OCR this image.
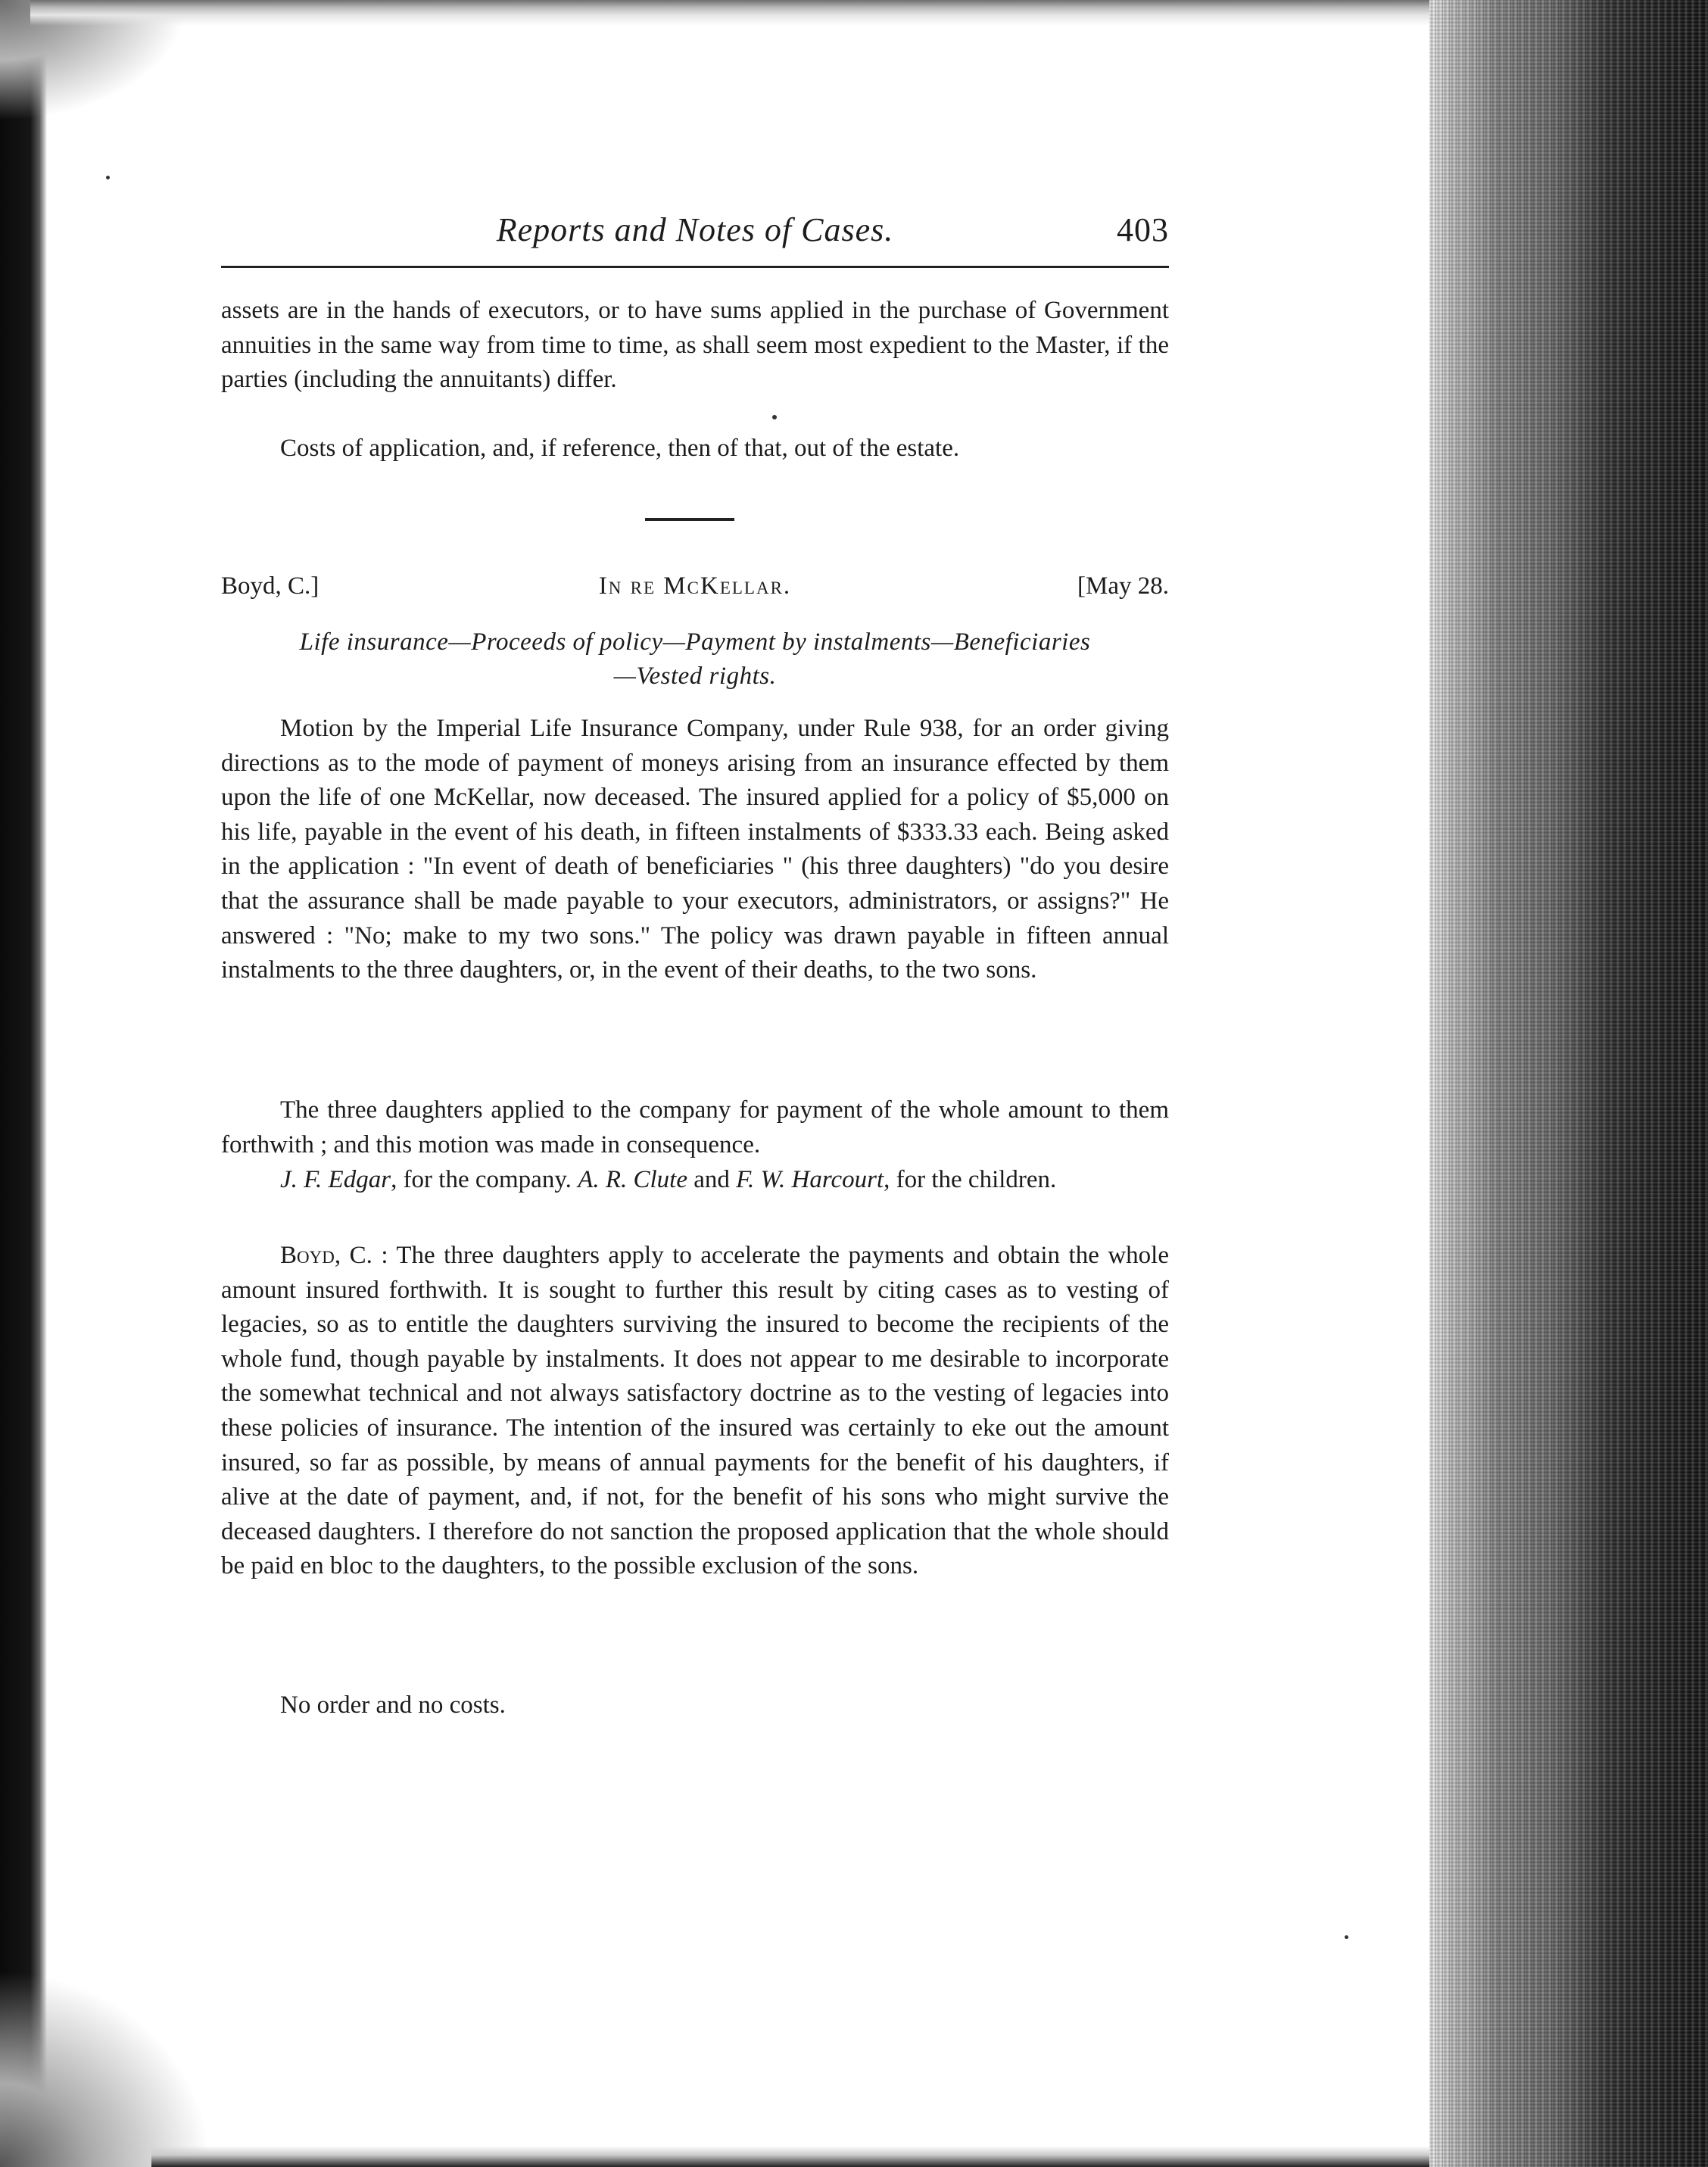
Reports and Notes of Cases.	403

assets are in the hands of executors, or to have sums applied in the purchase of Government annuities in the same way from time to time, as shall seem most expedient to the Master, if the parties (including the annuitants) differ.

Costs of application, and, if reference, then of that, out of the estate.

Boyd, C.]	In re McKellar.	[May 28.
Life insurance—Proceeds of policy—Payment by instalments—Beneficiaries
—Vested rights.

Motion by the Imperial Life Insurance Company, under Rule 938, for an order giving directions as to the mode of payment of moneys arising from an insurance effected by them upon the life of one McKellar, now deceased. The insured applied for a policy of $5,000 on his life, payable in the event of his death, in fifteen instalments of $333.33 each. Being asked in the application : "In event of death of beneficiaries " (his three daughters) "do you desire that the assurance shall be made payable to your executors, administrators, or assigns?" He answered : "No; make to my two sons." The policy was drawn payable in fifteen annual instalments to the three daughters, or, in the event of their deaths, to the two sons.

The three daughters applied to the company for payment of the whole amount to them forthwith ; and this motion was made in consequence.

J. F. Edgar, for the company. A. R. Clute and F. W. Harcourt, for the children.

Boyd, C. : The three daughters apply to accelerate the payments and obtain the whole amount insured forthwith. It is sought to further this result by citing cases as to vesting of legacies, so as to entitle the daughters surviving the insured to become the recipients of the whole fund, though payable by instalments. It does not appear to me desirable to incorporate the somewhat technical and not always satisfactory doctrine as to the vesting of legacies into these policies of insurance. The intention of the insured was certainly to eke out the amount insured, so far as possible, by means of annual payments for the benefit of his daughters, if alive at the date of payment, and, if not, for the benefit of his sons who might survive the deceased daughters. I therefore do not sanction the proposed application that the whole should be paid en bloc to the daughters, to the possible exclusion of the sons.

No order and no costs.
